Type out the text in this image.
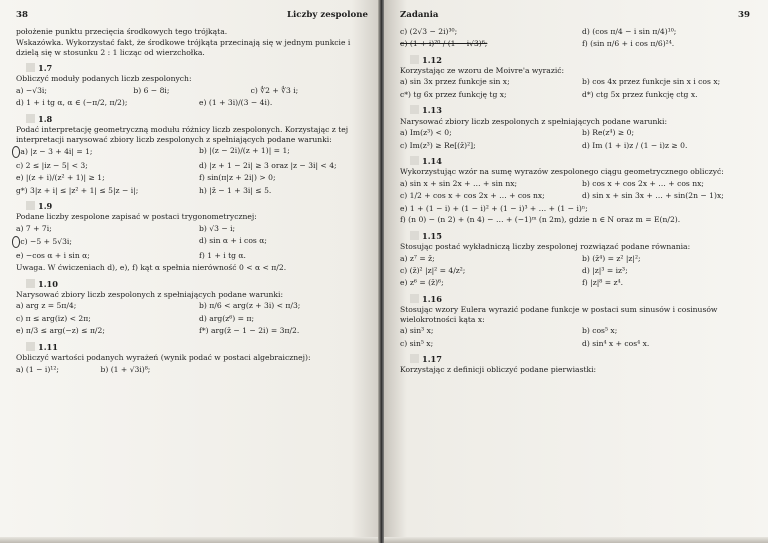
38	Liczby zespolone

położenie punktu przecięcia środkowych tego trójkąta.

Wskazówka. Wykorzystać fakt, że środkowe trójkąta przecinają się w jednym punkcie i dzielą się w stosunku 2 : 1 licząc od wierzchołka.

1.7

Obliczyć moduły podanych liczb zespolonych:

a) −√3i;	b) 6 − 8i;	c) ∜2 + ∜3 i;
d) 1 + i tg α, α ∈ (−π/2, π/2);	e) (1 + 3i)/(3 − 4i).
1.8

Podać interpretację geometryczną modułu różnicy liczb zespolonych. Korzystając z tej interpretacji narysować zbiory liczb zespolonych z spełniających podane warunki:

a) |z − 3 + 4i| = 1;	b) |(z − 2i)/(z + 1)| = 1;
c) 2 ≤ |iz − 5| < 3;	d) |z + 1 − 2i| ≥ 3 oraz |z − 3i| < 4;
e) |(z + i)/(z² + 1)| ≥ 1;	f) sin(π|z + 2i|) > 0;
g*) 3|z + i| ≤ |z² + 1| ≤ 5|z − i|;	h) |z̄ − 1 + 3i| ≤ 5.
1.9

Podane liczby zespolone zapisać w postaci trygonometrycznej:

a) 7 + 7i;	b) √3 − i;
c) −5 + 5√3i;	d) sin α + i cos α;
e) −cos α + i sin α;	f) 1 + i tg α.

Uwaga. W ćwiczeniach d), e), f) kąt α spełnia nierówność 0 < α < π/2.

1.10

Narysować zbiory liczb zespolonych z spełniających podane warunki:

a) arg z = 5π/4;	b) π/6 < arg(z + 3i) < π/3;
c) π ≤ arg(iz) < 2π;	d) arg(z⁶) = π;
e) π/3 ≤ arg(−z) ≤ π/2;	f*) arg(z̄ − 1 − 2i) = 3π/2.
1.11

Obliczyć wartości podanych wyrażeń (wynik podać w postaci algebraicznej):

a) (1 − i)¹²;	b) (1 + √3i)⁸;
Zadania	39
c) (2√3 − 2i)³⁰;	d) (cos π/4 − i sin π/4)¹⁰;
e) (1 + i)²⁰ / (1 − i√3)⁶;	f) (sin π/6 + i cos π/6)²⁴.
1.12

Korzystając ze wzoru de Moivre'a wyrazić:

a) sin 3x przez funkcje sin x;	b) cos 4x przez funkcje sin x i cos x;
c*) tg 6x przez funkcję tg x;	d*) ctg 5x przez funkcję ctg x.
1.13

Narysować zbiory liczb zespolonych z spełniających podane warunki:

a) Im(z³) < 0;	b) Re(z⁴) ≥ 0;
c) Im(z³) ≥ Re[(z̄)²];	d) Im (1 + i)z / (1 − i)z ≥ 0.
1.14

Wykorzystując wzór na sumę wyrazów zespolonego ciągu geometrycznego obliczyć:

a) sin x + sin 2x + … + sin nx;	b) cos x + cos 2x + … + cos nx;
c) 1/2 + cos x + cos 2x + … + cos nx;	d) sin x + sin 3x + … + sin(2n − 1)x;

e) 1 + (1 − i) + (1 − i)² + (1 − i)³ + … + (1 − i)ⁿ;

f) (n 0) − (n 2) + (n 4) − … + (−1)ᵐ (n 2m), gdzie n ∈ N oraz m = E(n/2).

1.15

Stosując postać wykładniczą liczby zespolonej rozwiązać podane równania:

a) z⁷ = z̄;	b) (z̄⁴) = z² |z|²;
c) (z̄)² |z|² = 4/z²;	d) |z|³ = iz³;
e) z⁶ = (z̄)⁶;	f) |z|⁸ = z⁴.
1.16

Stosując wzory Eulera wyrazić podane funkcje w postaci sum sinusów i cosinusów wielokrotności kąta x:

a) sin³ x;	b) cos⁵ x;
c) sin⁵ x;	d) sin⁴ x + cos⁴ x.
1.17

Korzystając z definicji obliczyć podane pierwiastki:
